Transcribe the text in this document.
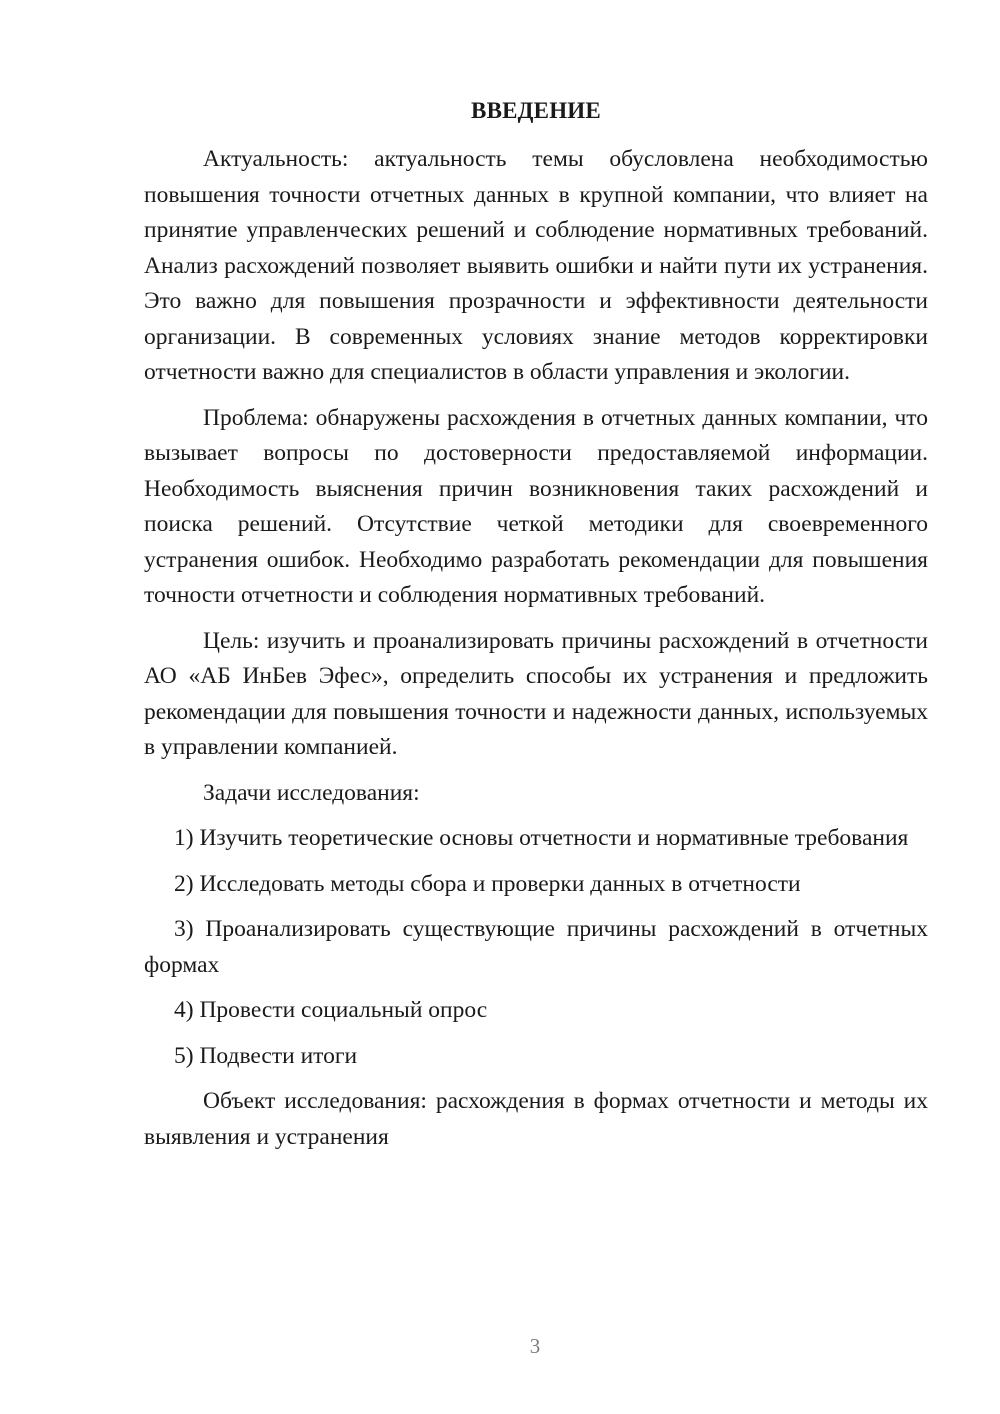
ВВЕДЕНИЕ

Актуальность: актуальность темы обусловлена необходимостью повышения точности отчетных данных в крупной компании, что влияет на принятие управленческих решений и соблюдение нормативных требований. Анализ расхождений позволяет выявить ошибки и найти пути их устранения. Это важно для повышения прозрачности и эффективности деятельности организации. В современных условиях знание методов корректировки отчетности важно для специалистов в области управления и экологии.

Проблема: обнаружены расхождения в отчетных данных компании, что вызывает вопросы по достоверности предоставляемой информации. Необходимость выяснения причин возникновения таких расхождений и поиска решений. Отсутствие четкой методики для своевременного устранения ошибок. Необходимо разработать рекомендации для повышения точности отчетности и соблюдения нормативных требований.

Цель: изучить и проанализировать причины расхождений в отчетности АО «АБ ИнБев Эфес», определить способы их устранения и предложить рекомендации для повышения точности и надежности данных, используемых в управлении компанией.

Задачи исследования:

1) Изучить теоретические основы отчетности и нормативные требования

2) Исследовать методы сбора и проверки данных в отчетности

3) Проанализировать существующие причины расхождений в отчетных формах

4) Провести социальный опрос

5) Подвести итоги

Объект исследования: расхождения в формах отчетности и методы их выявления и устранения

3
